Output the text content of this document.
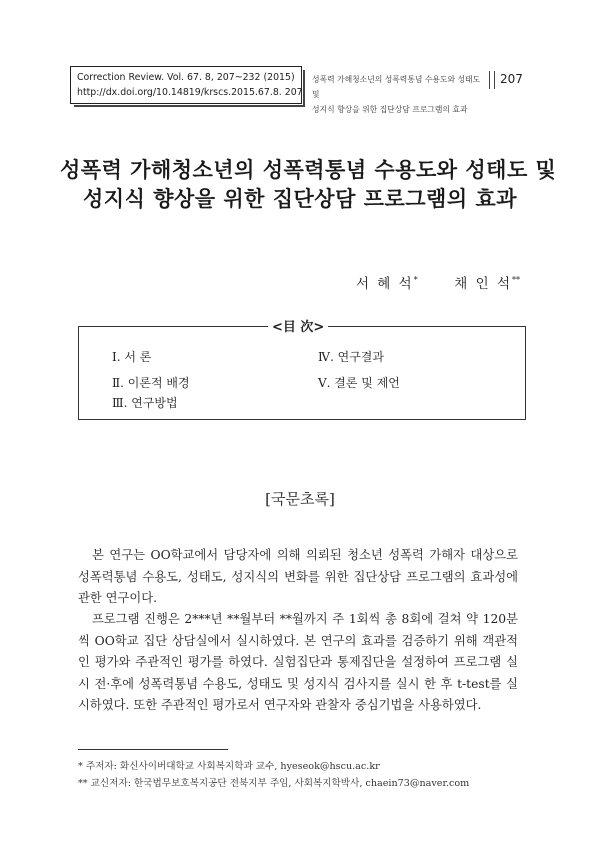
Correction Review. Vol. 67. 8, 207~232 (2015)
http://dx.doi.org/10.14819/krscs.2015.67.8. 207
성폭력 가해청소년의 성폭력통념 수용도와 성태도 및
성지식 향상을 위한 집단상담 프로그램의 효과
207
성폭력 가해청소년의 성폭력통념 수용도와 성태도 및
성지식 향상을 위한 집단상담 프로그램의 효과
서 혜 석*	채 인 석**
<目 次>
Ⅰ. 서 론
Ⅱ. 이론적 배경
Ⅲ. 연구방법
Ⅳ. 연구결과
Ⅴ. 결론 및 제언
[국문초록]

본 연구는 OO학교에서 담당자에 의해 의뢰된 청소년 성폭력 가해자 대상으로 성폭력통념 수용도, 성태도, 성지식의 변화를 위한 집단상담 프로그램의 효과성에 관한 연구이다.

프로그램 진행은 2***년 **월부터 **월까지 주 1회씩 총 8회에 걸쳐 약 120분씩 OO학교 집단 상담실에서 실시하였다. 본 연구의 효과를 검증하기 위해 객관적인 평가와 주관적인 평가를 하였다. 실험집단과 통제집단을 설정하여 프로그램 실시 전·후에 성폭력통념 수용도, 성태도 및 성지식 검사지를 실시 한 후 t-test를 실시하였다. 또한 주관적인 평가로서 연구자와 관찰자 중심기법을 사용하였다.

* 주저자: 화신사이버대학교 사회복지학과 교수, hyeseok@hscu.ac.kr
** 교신저자: 한국법무보호복지공단 전북지부 주임, 사회복지학박사, chaein73@naver.com
